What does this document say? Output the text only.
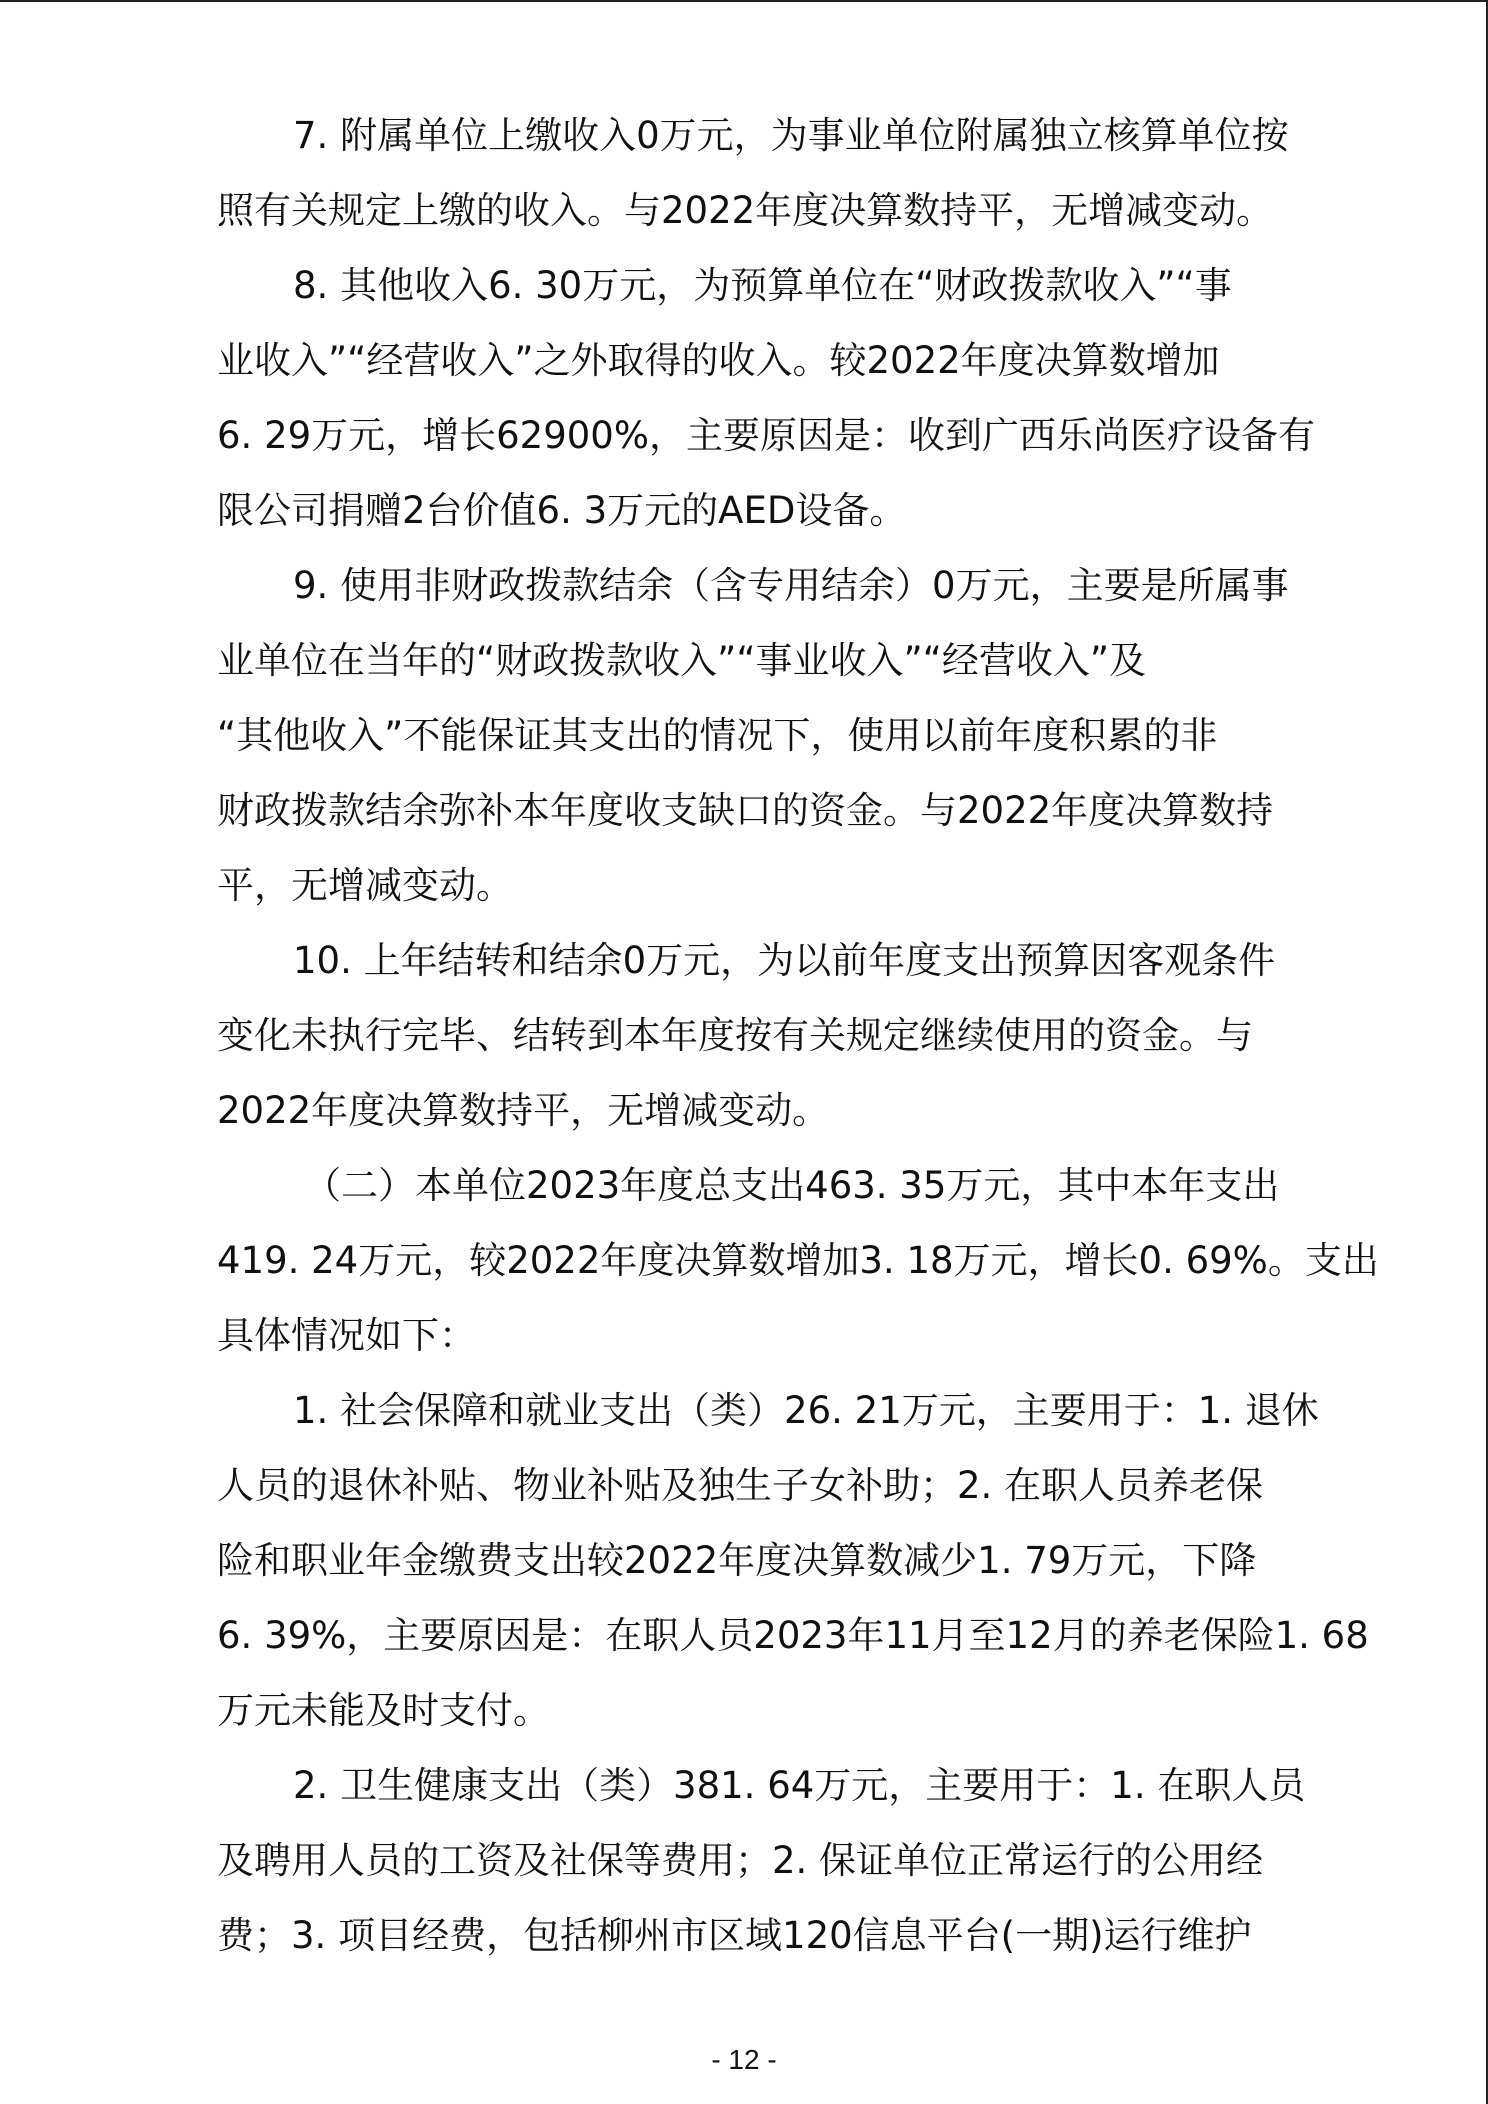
7. 附属单位上缴收入0万元，为事业单位附属独立核算单位按
照有关规定上缴的收入。与2022年度决算数持平，无增减变动。
8. 其他收入6. 30万元，为预算单位在“财政拨款收入”“事
业收入”“经营收入”之外取得的收入。较2022年度决算数增加
6. 29万元，增长62900%，主要原因是：收到广西乐尚医疗设备有
限公司捐赠2台价值6. 3万元的AED设备。
9. 使用非财政拨款结余（含专用结余）0万元，主要是所属事
业单位在当年的“财政拨款收入”“事业收入”“经营收入”及
“其他收入”不能保证其支出的情况下，使用以前年度积累的非
财政拨款结余弥补本年度收支缺口的资金。与2022年度决算数持
平，无增减变动。
10. 上年结转和结余0万元，为以前年度支出预算因客观条件
变化未执行完毕、结转到本年度按有关规定继续使用的资金。与
2022年度决算数持平，无增减变动。
（二）本单位2023年度总支出463. 35万元，其中本年支出
419. 24万元，较2022年度决算数增加3. 18万元，增长0. 69%。支出
具体情况如下：
1. 社会保障和就业支出（类）26. 21万元，主要用于：1. 退休
人员的退休补贴、物业补贴及独生子女补助；2. 在职人员养老保
险和职业年金缴费支出较2022年度决算数减少1. 79万元，下降
6. 39%，主要原因是：在职人员2023年11月至12月的养老保险1. 68
万元未能及时支付。
2. 卫生健康支出（类）381. 64万元，主要用于：1. 在职人员
及聘用人员的工资及社保等费用；2. 保证单位正常运行的公用经
费；3. 项目经费，包括柳州市区域120信息平台(一期)运行维护
- 12 -
